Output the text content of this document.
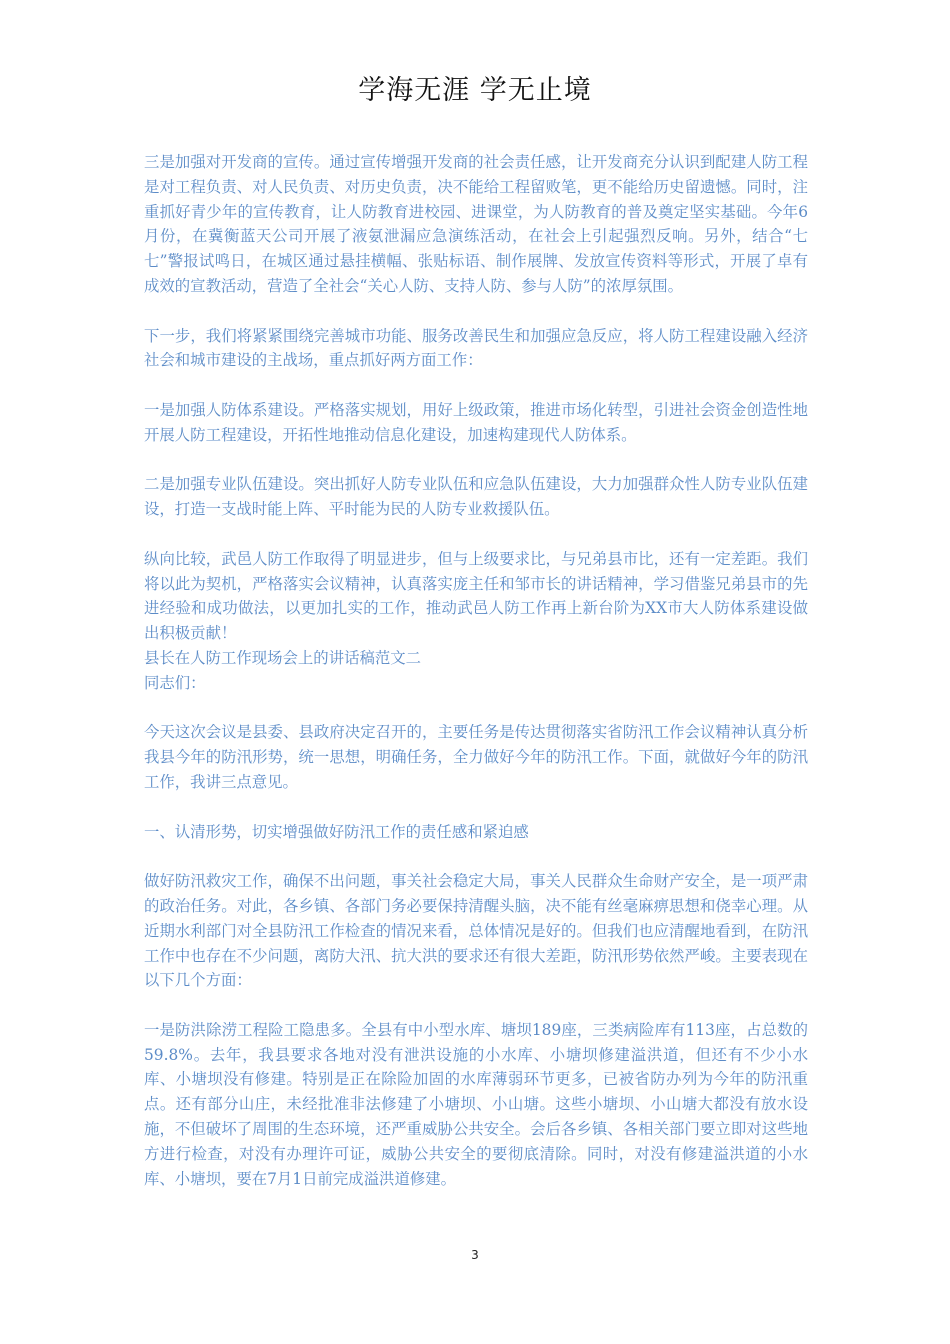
学海无涯 学无止境

三是加强对开发商的宣传。通过宣传增强开发商的社会责任感，让开发商充分认识到配建人防工程是对工程负责、对人民负责、对历史负责，决不能给工程留败笔，更不能给历史留遗憾。同时，注重抓好青少年的宣传教育，让人防教育进校园、进课堂，为人防教育的普及奠定坚实基础。今年6月份，在冀衡蓝天公司开展了液氨泄漏应急演练活动，在社会上引起强烈反响。另外，结合“七七”警报试鸣日，在城区通过悬挂横幅、张贴标语、制作展牌、发放宣传资料等形式，开展了卓有成效的宣教活动，营造了全社会“关心人防、支持人防、参与人防”的浓厚氛围。

下一步，我们将紧紧围绕完善城市功能、服务改善民生和加强应急反应，将人防工程建设融入经济社会和城市建设的主战场，重点抓好两方面工作：

一是加强人防体系建设。严格落实规划，用好上级政策，推进市场化转型，引进社会资金创造性地开展人防工程建设，开拓性地推动信息化建设，加速构建现代人防体系。

二是加强专业队伍建设。突出抓好人防专业队伍和应急队伍建设，大力加强群众性人防专业队伍建设，打造一支战时能上阵、平时能为民的人防专业救援队伍。

纵向比较，武邑人防工作取得了明显进步，但与上级要求比，与兄弟县市比，还有一定差距。我们将以此为契机，严格落实会议精神，认真落实庞主任和邹市长的讲话精神，学习借鉴兄弟县市的先进经验和成功做法，以更加扎实的工作，推动武邑人防工作再上新台阶为XX市大人防体系建设做出积极贡献！

县长在人防工作现场会上的讲话稿范文二

同志们：

今天这次会议是县委、县政府决定召开的，主要任务是传达贯彻落实省防汛工作会议精神认真分析我县今年的防汛形势，统一思想，明确任务，全力做好今年的防汛工作。下面，就做好今年的防汛工作，我讲三点意见。

一、认清形势，切实增强做好防汛工作的责任感和紧迫感

做好防汛救灾工作，确保不出问题，事关社会稳定大局，事关人民群众生命财产安全，是一项严肃的政治任务。对此，各乡镇、各部门务必要保持清醒头脑，决不能有丝毫麻痹思想和侥幸心理。从近期水利部门对全县防汛工作检查的情况来看，总体情况是好的。但我们也应清醒地看到，在防汛工作中也存在不少问题，离防大汛、抗大洪的要求还有很大差距，防汛形势依然严峻。主要表现在以下几个方面：

一是防洪除涝工程险工隐患多。全县有中小型水库、塘坝189座，三类病险库有113座，占总数的59.8%。去年，我县要求各地对没有泄洪设施的小水库、小塘坝修建溢洪道，但还有不少小水库、小塘坝没有修建。特别是正在除险加固的水库薄弱环节更多，已被省防办列为今年的防汛重点。还有部分山庄，未经批准非法修建了小塘坝、小山塘。这些小塘坝、小山塘大都没有放水设施，不但破坏了周围的生态环境，还严重威胁公共安全。会后各乡镇、各相关部门要立即对这些地方进行检查，对没有办理许可证，威胁公共安全的要彻底清除。同时，对没有修建溢洪道的小水库、小塘坝，要在7月1日前完成溢洪道修建。

3
